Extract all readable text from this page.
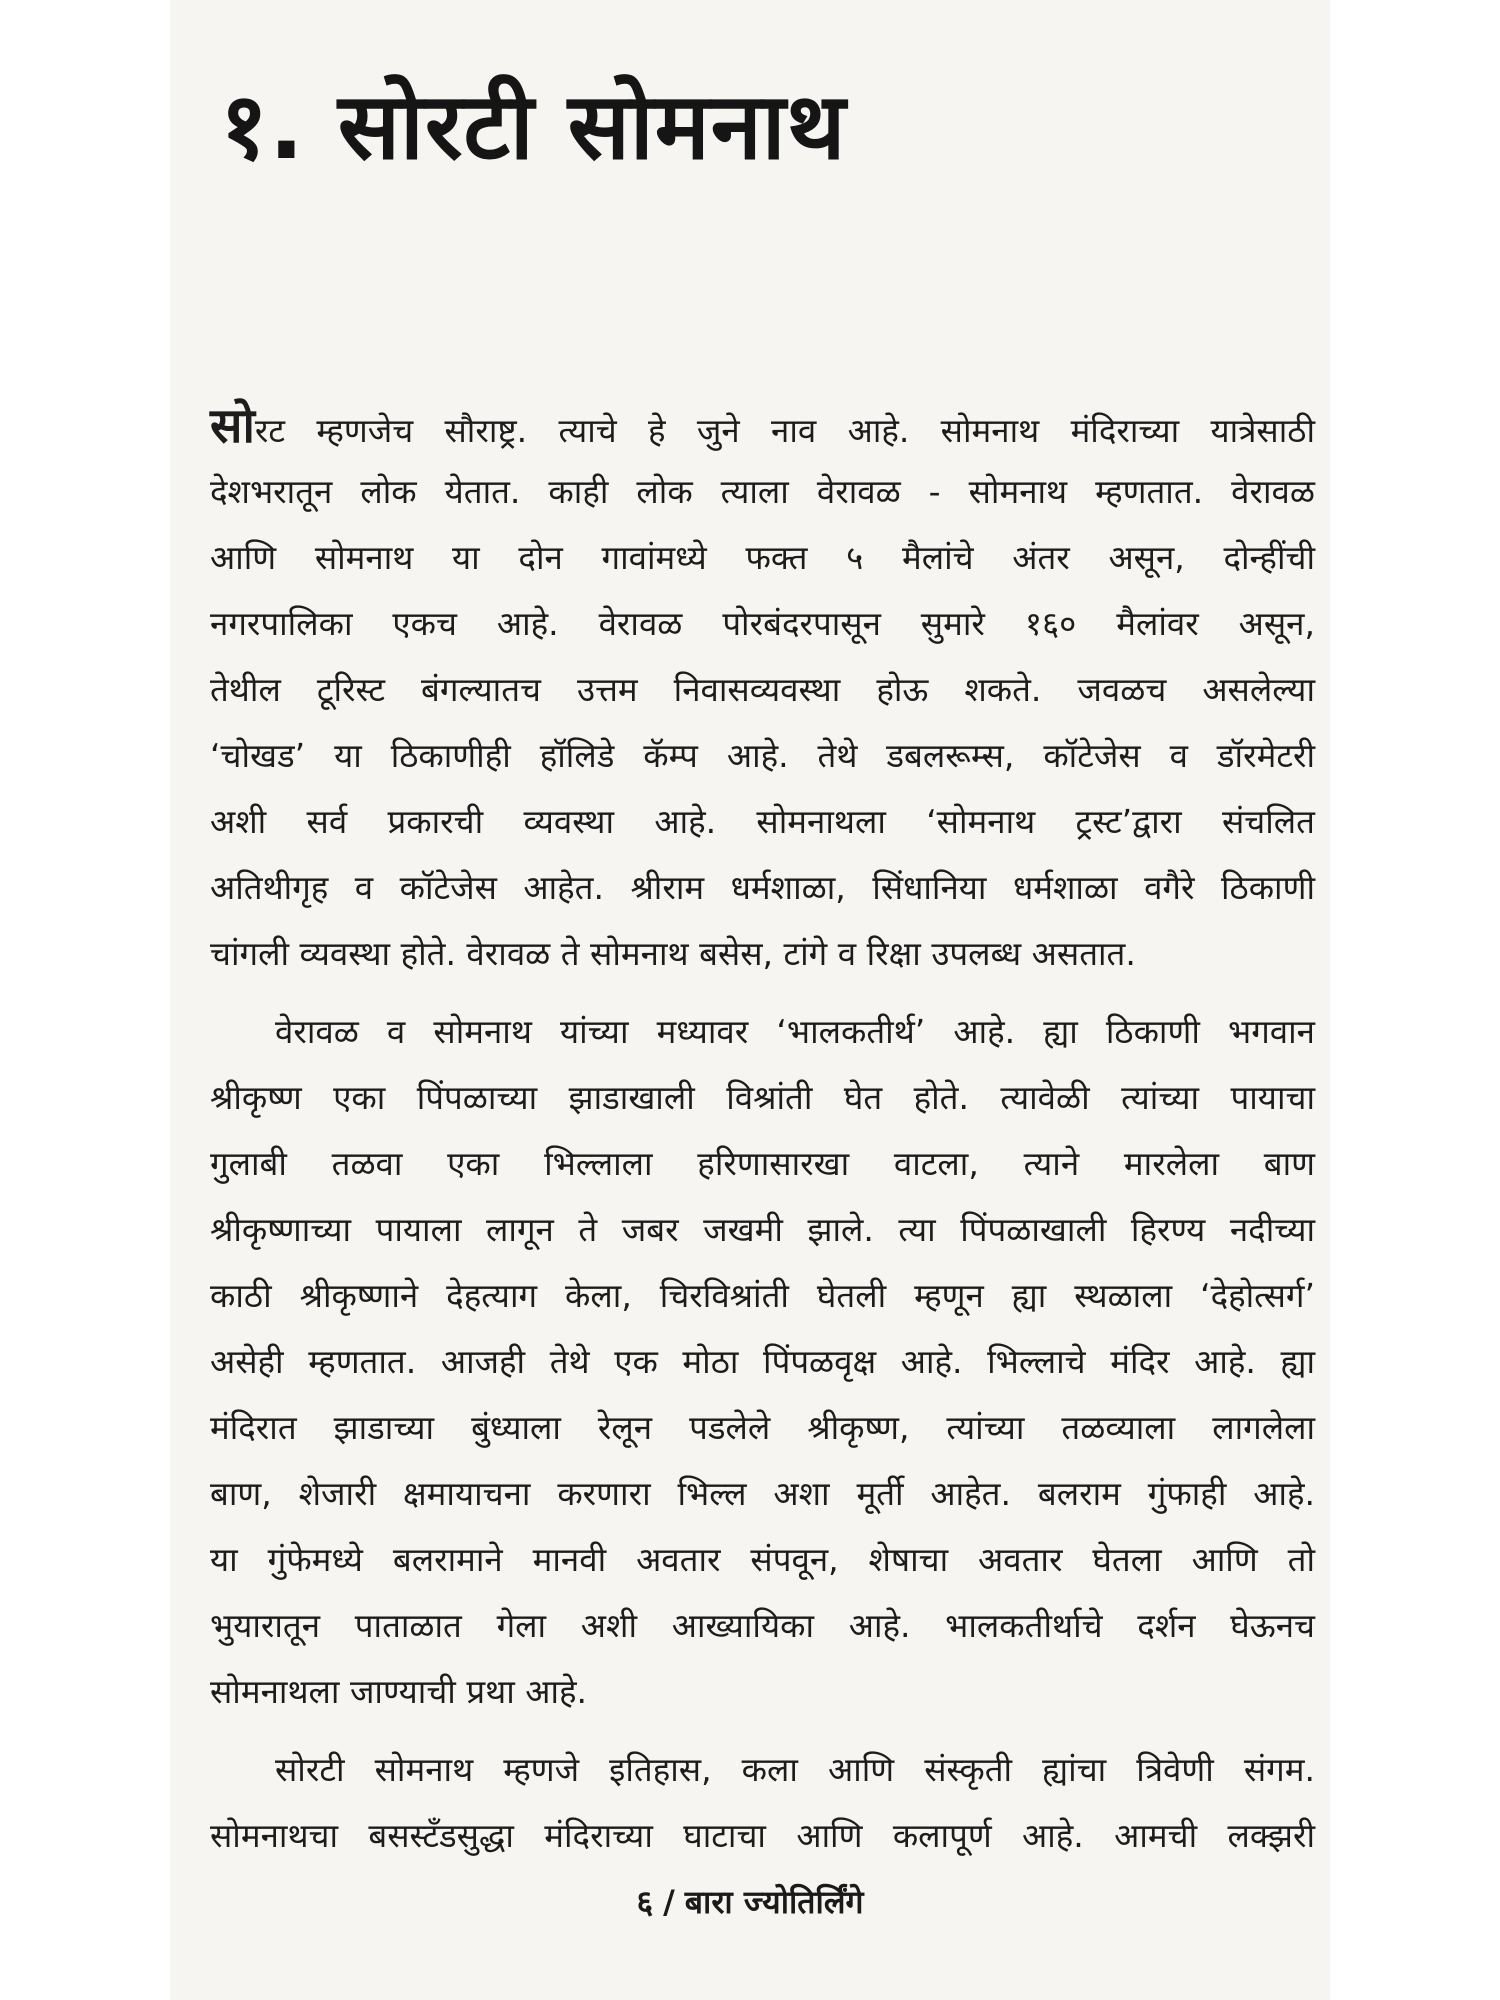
१. सोरटी सोमनाथ
सोरट म्हणजेच सौराष्ट्र. त्याचे हे जुने नाव आहे. सोमनाथ मंदिराच्या यात्रेसाठी
देशभरातून लोक येतात. काही लोक त्याला वेरावळ - सोमनाथ म्हणतात. वेरावळ
आणि सोमनाथ या दोन गावांमध्ये फक्त ५ मैलांचे अंतर असून, दोन्हींची
नगरपालिका एकच आहे. वेरावळ पोरबंदरपासून सुमारे १६० मैलांवर असून,
तेथील टूरिस्ट बंगल्यातच उत्तम निवासव्यवस्था होऊ शकते. जवळच असलेल्या
‘चोखड’ या ठिकाणीही हॉलिडे कॅम्प आहे. तेथे डबलरूम्स, कॉटेजेस व डॉरमेटरी
अशी सर्व प्रकारची व्यवस्था आहे. सोमनाथला ‘सोमनाथ ट्रस्ट’द्वारा संचलित
अतिथीगृह व कॉटेजेस आहेत. श्रीराम धर्मशाळा, सिंधानिया धर्मशाळा वगैरे ठिकाणी
चांगली व्यवस्था होते. वेरावळ ते सोमनाथ बसेस, टांगे व रिक्षा उपलब्ध असतात.
वेरावळ व सोमनाथ यांच्या मध्यावर ‘भालकतीर्थ’ आहे. ह्या ठिकाणी भगवान
श्रीकृष्ण एका पिंपळाच्या झाडाखाली विश्रांती घेत होते. त्यावेळी त्यांच्या पायाचा
गुलाबी तळवा एका भिल्लाला हरिणासारखा वाटला, त्याने मारलेला बाण
श्रीकृष्णाच्या पायाला लागून ते जबर जखमी झाले. त्या पिंपळाखाली हिरण्य नदीच्या
काठी श्रीकृष्णाने देहत्याग केला, चिरविश्रांती घेतली म्हणून ह्या स्थळाला ‘देहोत्सर्ग’
असेही म्हणतात. आजही तेथे एक मोठा पिंपळवृक्ष आहे. भिल्लाचे मंदिर आहे. ह्या
मंदिरात झाडाच्या बुंध्याला रेलून पडलेले श्रीकृष्ण, त्यांच्या तळव्याला लागलेला
बाण, शेजारी क्षमायाचना करणारा भिल्ल अशा मूर्ती आहेत. बलराम गुंफाही आहे.
या गुंफेमध्ये बलरामाने मानवी अवतार संपवून, शेषाचा अवतार घेतला आणि तो
भुयारातून पाताळात गेला अशी आख्यायिका आहे. भालकतीर्थाचे दर्शन घेऊनच
सोमनाथला जाण्याची प्रथा आहे.
सोरटी सोमनाथ म्हणजे इतिहास, कला आणि संस्कृती ह्यांचा त्रिवेणी संगम.
सोमनाथचा बसस्टँडसुद्धा मंदिराच्या घाटाचा आणि कलापूर्ण आहे. आमची लक्झरी
६ / बारा ज्योतिर्लिंगे
